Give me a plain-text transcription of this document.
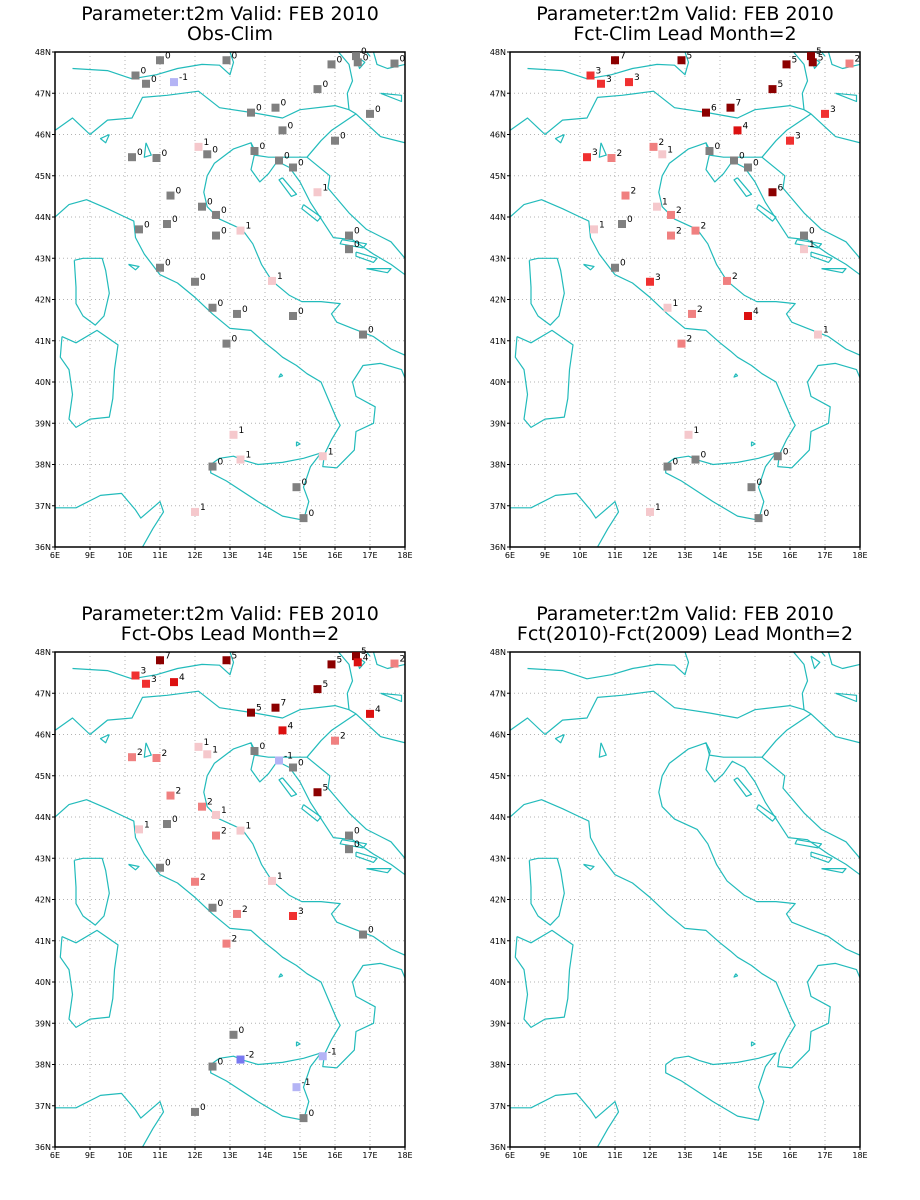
Parameter:t2m Valid: FEB 2010
Obs-Clim
6E	9E	10E 11E 12E 13E 14E 15E 16E 17E 18E
36N
37N
38N
39N
40N
41N
42N
43N
44N
45N
46N
47N
48N	0	0	0
0
0	0
0
0 -1
0
0
0	0
0
0
0
1
0
0
0
0 0
1
0
0
0
0
0	1
0	0
0
0
1
0
0
0	0
0
0
1
1
0
1
0
1
0
Parameter:t2m Valid: FEB 2010
Fct-Clim Lead Month=2
6E	9E	10E 11E 12E 13E 14E 15E 16E 17E 18E
36N
37N
38N
39N
40N
41N
42N
43N
44N
45N
46N
47N
48N	7	5	5
5
5	2
3
3 3
5
7
6	3
4
3
0
2
1
0
0
3 2
6
2
1
2
0
1	2
2	0
1
0
2
3
1
2	4
1
2
1
0
0
0
0
1
0
Parameter:t2m Valid: FEB 2010
Fct-Obs Lead Month=2
6E	9E	10E 11E 12E 13E 14E 15E 16E 17E 18E
36N
37N
38N
39N
40N
41N
42N
43N
44N
45N
46N
47N
48N	7	5	5
5
4	2
3
3 4
5
7
5	4
4
2
0
1
1
-1
0
2 2
5
2
2
1
0
1	1
2	0
0
0
1
2
0
2	3
0
2
0
-1
0
-2
-1
0
0
Parameter:t2m Valid: FEB 2010
Fct(2010)-Fct(2009) Lead Month=2
6E	9E	10E 11E 12E 13E 14E 15E 16E 17E 18E
36N
37N
38N
39N
40N
41N
42N
43N
44N
45N
46N
47N
48N
